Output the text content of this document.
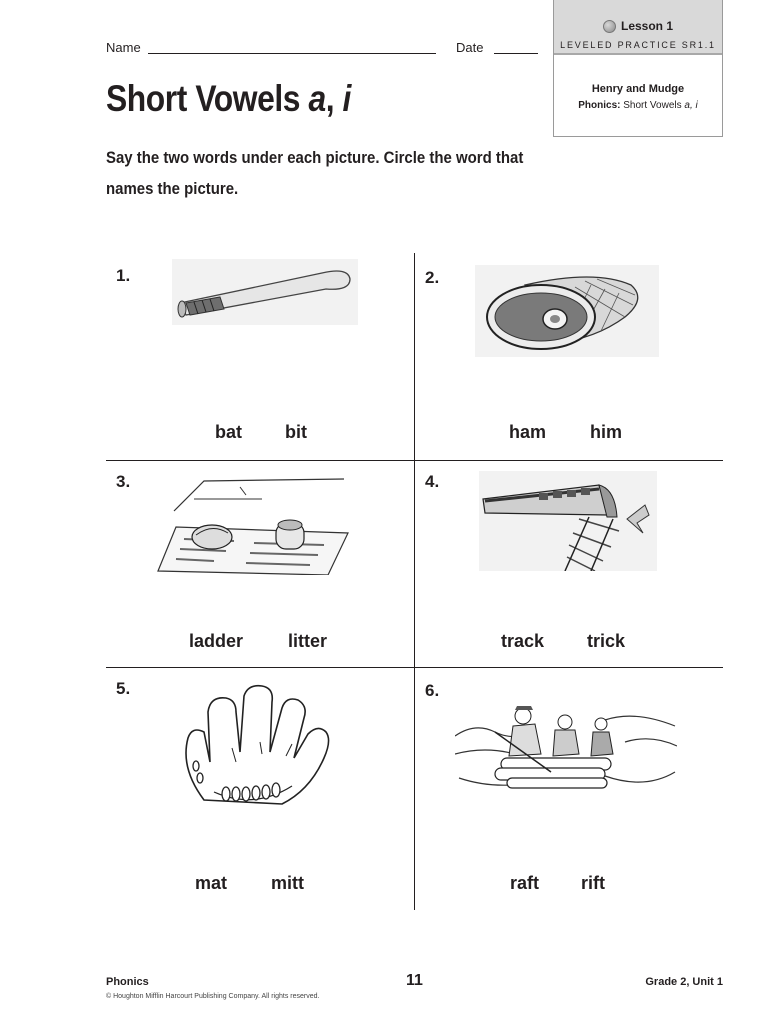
Name	Date
Lesson 1
LEVELED PRACTICE SR1.1
Henry and Mudge
Phonics: Short Vowels a, i
Short Vowels a, i
Say the two words under each picture. Circle the word that
names the picture.
1.
bat bit
2.
ham him
3.
ladder litter
4.
track trick
5.
mat mitt
6.
raft rift
Phonics
© Houghton Mifflin Harcourt Publishing Company. All rights reserved.
11	Grade 2, Unit 1
